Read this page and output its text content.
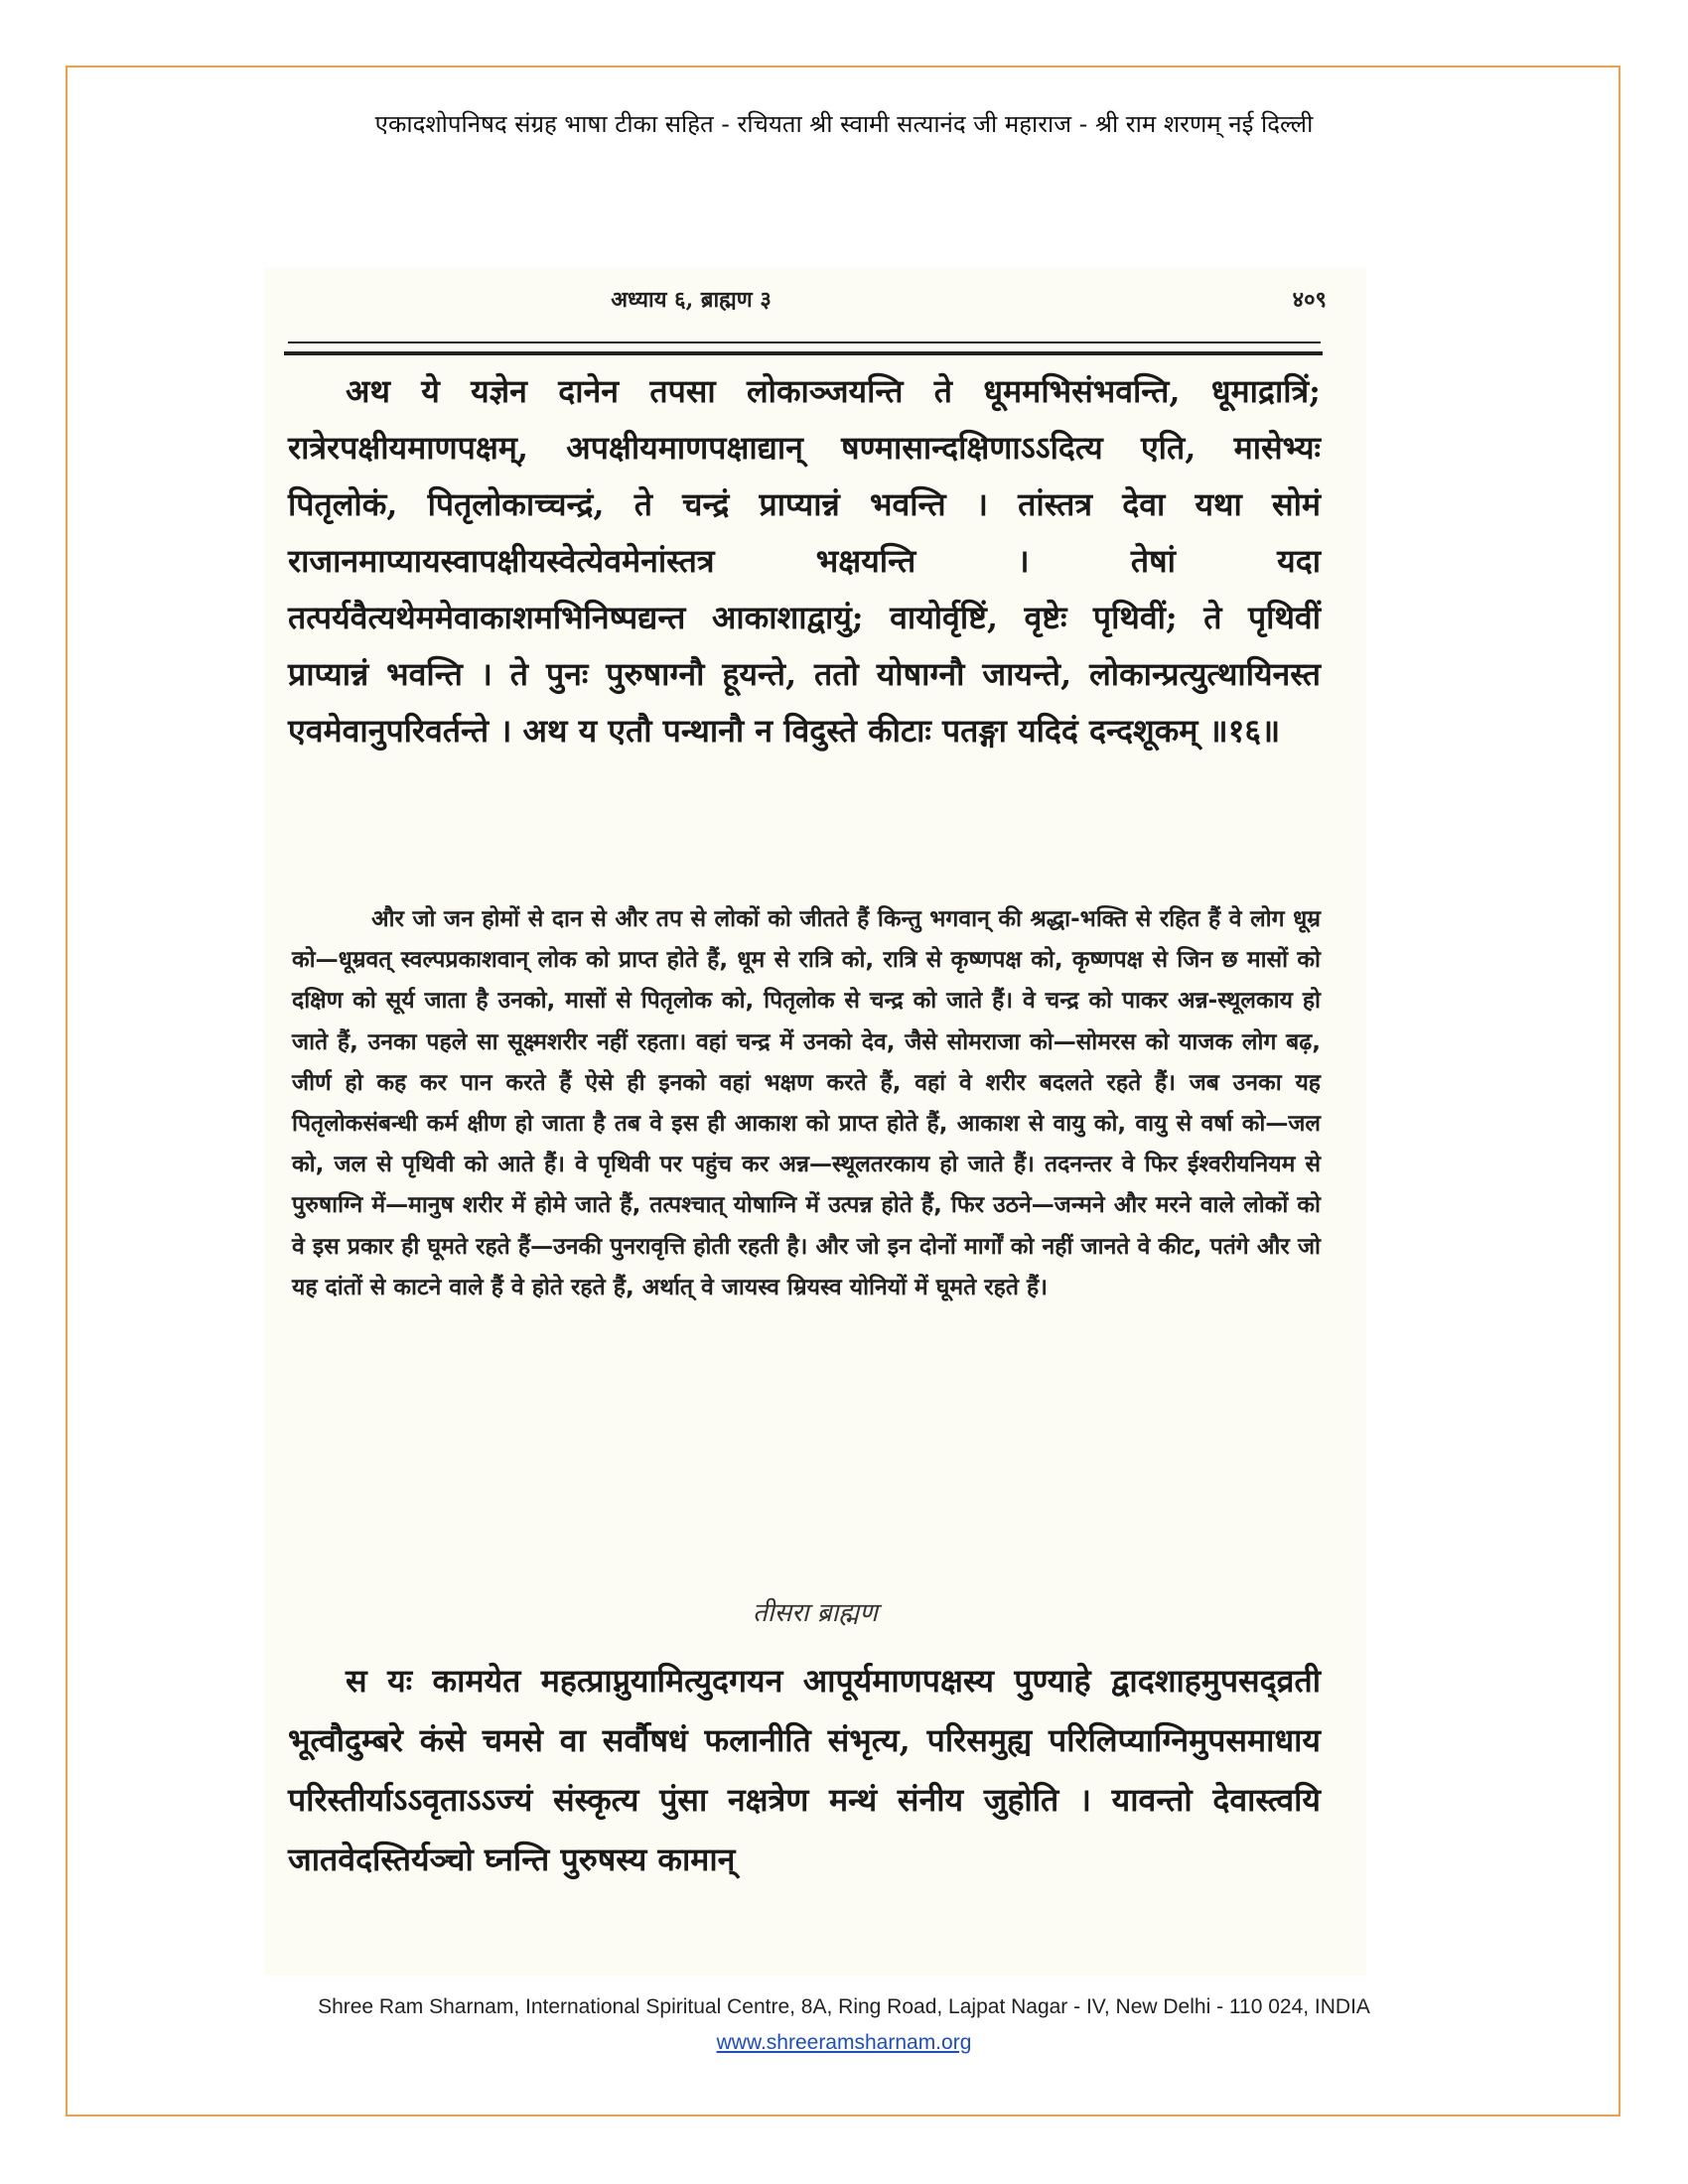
एकादशोपनिषद संग्रह भाषा टीका सहित - रचियता श्री स्वामी सत्यानंद जी महाराज - श्री राम शरणम् नई दिल्ली
अध्याय ६, ब्राह्मण ३	४०९

अथ ये यज्ञेन दानेन तपसा लोकाञ्जयन्ति ते धूममभिसंभवन्ति, धूमाद्रात्रिं; रात्रेरपक्षीयमाणपक्षम्, अपक्षीयमाणपक्षाद्यान् षण्मासान्दक्षिणाऽऽदित्य एति, मासेभ्यः पितृलोकं, पितृलोकाच्चन्द्रं, ते चन्द्रं प्राप्यान्नं भवन्ति । तांस्तत्र देवा यथा सोमं राजानमाप्यायस्वापक्षीयस्वेत्येवमेनांस्तत्र भक्षयन्ति । तेषां यदा तत्पर्यवैत्यथेममेवाकाशमभिनिष्पद्यन्त आकाशाद्वायुं; वायोर्वृष्टिं, वृष्टेः पृथिवीं; ते पृथिवीं प्राप्यान्नं भवन्ति । ते पुनः पुरुषाग्नौ हूयन्ते, ततो योषाग्नौ जायन्ते, लोकान्प्रत्युत्थायिनस्त एवमेवानुपरिवर्तन्ते । अथ य एतौ पन्थानौ न विदुस्ते कीटाः पतङ्गा यदिदं दन्दशूकम् ॥१६॥

और जो जन होमों से दान से और तप से लोकों को जीतते हैं किन्तु भगवान् की श्रद्धा-भक्ति से रहित हैं वे लोग धूम्र को—धूम्रवत् स्वल्पप्रकाशवान् लोक को प्राप्त होते हैं, धूम से रात्रि को, रात्रि से कृष्णपक्ष को, कृष्णपक्ष से जिन छ मासों को दक्षिण को सूर्य जाता है उनको, मासों से पितृलोक को, पितृलोक से चन्द्र को जाते हैं। वे चन्द्र को पाकर अन्न-स्थूलकाय हो जाते हैं, उनका पहले सा सूक्ष्मशरीर नहीं रहता। वहां चन्द्र में उनको देव, जैसे सोमराजा को—सोमरस को याजक लोग बढ़, जीर्ण हो कह कर पान करते हैं ऐसे ही इनको वहां भक्षण करते हैं, वहां वे शरीर बदलते रहते हैं। जब उनका यह पितृलोकसंबन्धी कर्म क्षीण हो जाता है तब वे इस ही आकाश को प्राप्त होते हैं, आकाश से वायु को, वायु से वर्षा को—जल को, जल से पृथिवी को आते हैं। वे पृथिवी पर पहुंच कर अन्न—स्थूलतरकाय हो जाते हैं। तदनन्तर वे फिर ईश्वरीयनियम से पुरुषाग्नि में—मानुष शरीर में होमे जाते हैं, तत्पश्चात् योषाग्नि में उत्पन्न होते हैं, फिर उठने—जन्मने और मरने वाले लोकों को वे इस प्रकार ही घूमते रहते हैं—उनकी पुनरावृत्ति होती रहती है। और जो इन दोनों मार्गों को नहीं जानते वे कीट, पतंगे और जो यह दांतों से काटने वाले हैं वे होते रहते हैं, अर्थात् वे जायस्व म्रियस्व योनियों में घूमते रहते हैं।

तीसरा ब्राह्मण

स यः कामयेत महत्प्राप्नुयामित्युदगयन आपूर्यमाणपक्षस्य पुण्याहे द्वादशाहमुपसद्व्रती भूत्वौदुम्बरे कंसे चमसे वा सर्वौषधं फलानीति संभृत्य, परिसमुह्य परिलिप्याग्निमुपसमाधाय परिस्तीर्याऽऽवृताऽऽज्यं संस्कृत्य पुंसा नक्षत्रेण मन्थं संनीय जुहोति । यावन्तो देवास्त्वयि जातवेदस्तिर्यञ्चो घ्नन्ति पुरुषस्य कामान्

Shree Ram Sharnam, International Spiritual Centre, 8A, Ring Road, Lajpat Nagar - IV, New Delhi - 110 024, INDIA
www.shreeramsharnam.org
